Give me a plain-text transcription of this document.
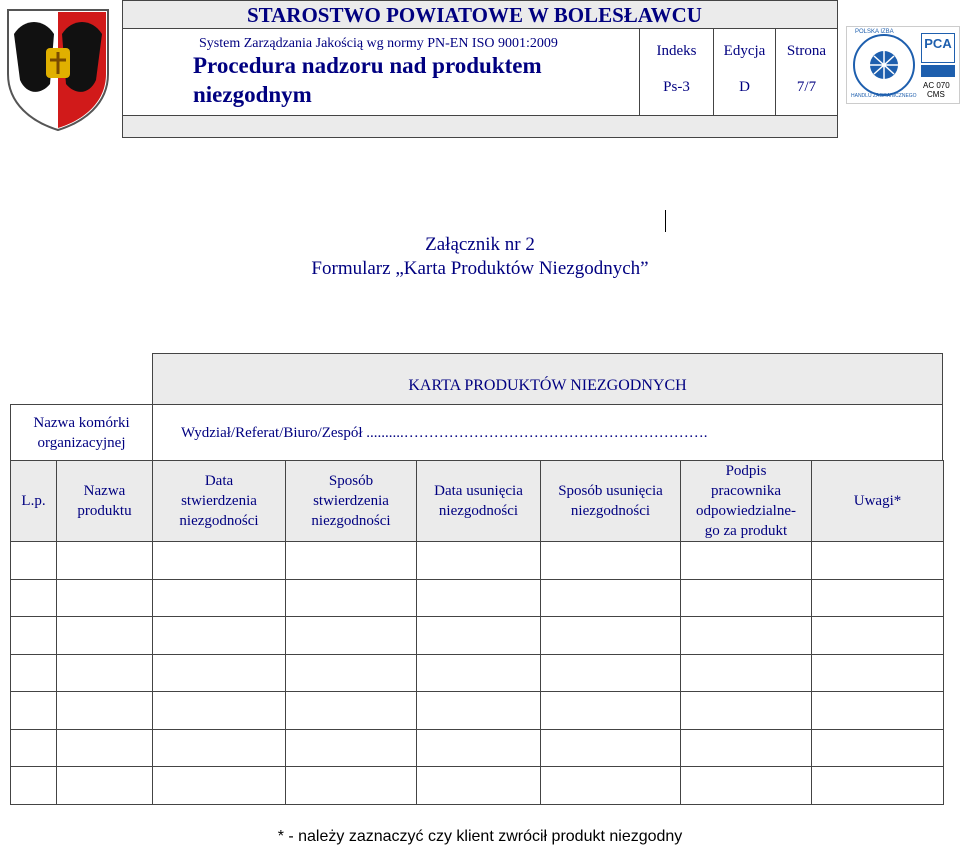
STAROSTWO POWIATOWE W BOLESŁAWCU
System Zarządzania Jakością wg normy PN-EN ISO 9001:2009
Procedura nadzoru nad produktem
niezgodnym
Indeks
Ps-3
Edycja
D
Strona
7/7
POLSKA IZBA
HANDLU ZAGRANICZNEGO
PCA
AC 070
CMS
Załącznik nr 2
Formularz „Karta Produktów Niezgodnych”
KARTA PRODUKTÓW NIEZGODNYCH
Nazwa komórki organizacyjnej
Wydział/Referat/Biuro/Zespół ..........…………………………………………………….
L.p.
Nazwa
produktu
Data
stwierdzenia
niezgodności
Sposób
stwierdzenia
niezgodności
Data usunięcia
niezgodności
Sposób usunięcia
niezgodności
Podpis
pracownika
odpowiedzialne-
go za produkt
Uwagi*
* - należy zaznaczyć czy klient zwrócił produkt niezgodny
